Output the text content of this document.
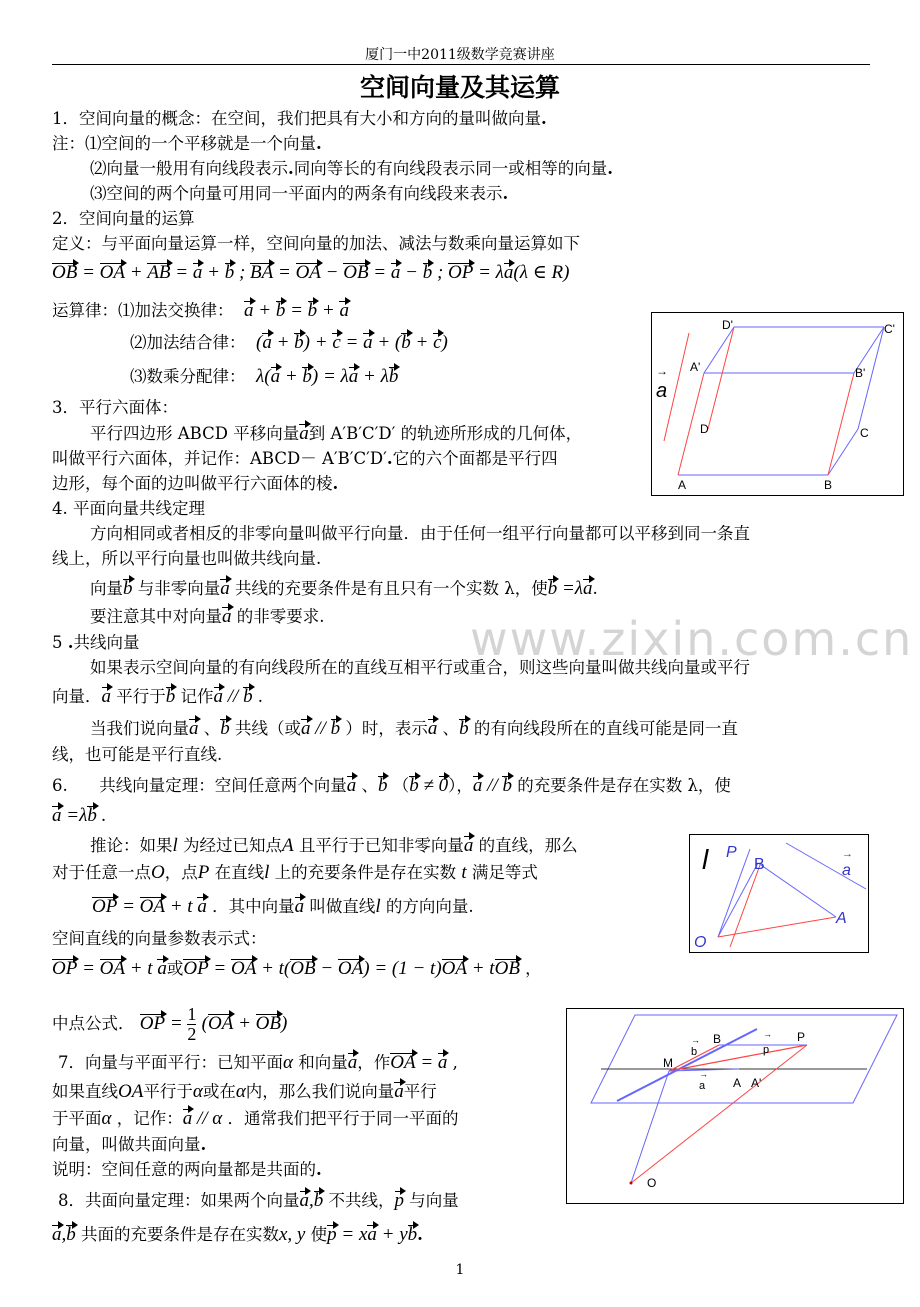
厦门一中2011级数学竞赛讲座
空间向量及其运算
www.zixin.com.cn
1．空间向量的概念：在空间，我们把具有大小和方向的量叫做向量.
注：⑴空间的一个平移就是一个向量.
⑵向量一般用有向线段表示.同向等长的有向线段表示同一或相等的向量.
⑶空间的两个向量可用同一平面内的两条有向线段来表示.
2．空间向量的运算
定义：与平面向量运算一样，空间向量的加法、减法与数乘向量运算如下
OB = OA + AB = a + b ; BA = OA − OB = a − b ; OP = λa(λ ∈ R)
运算律：⑴加法交换律： a + b = b + a
⑵加法结合律： (a + b) + c = a + (b + c)
⑶数乘分配律： λ(a + b) = λa + λb
3．平行六面体：
平行四边形 ABCD 平移向量a到 A′B′C′D′ 的轨迹所形成的几何体，
叫做平行六面体，并记作：ABCD－ A′B′C′D′.它的六个面都是平行四
边形，每个面的边叫做平行六面体的棱.
D'	C'
A'	B'
D	C
A	B
a
→
4. 平面向量共线定理
方向相同或者相反的非零向量叫做平行向量．由于任何一组平行向量都可以平移到同一条直
线上，所以平行向量也叫做共线向量.
向量b 与非零向量a 共线的充要条件是有且只有一个实数 λ，使b =λa.
要注意其中对向量a 的非零要求.
5 .共线向量
如果表示空间向量的有向线段所在的直线互相平行或重合，则这些向量叫做共线向量或平行
向量．a 平行于b 记作a // b .
当我们说向量a 、b 共线（或a // b ）时，表示a 、b 的有向线段所在的直线可能是同一直
线，也可能是平行直线.
6. 共线向量定理：空间任意两个向量a 、b （b ≠ 0），a // b 的充要条件是存在实数 λ，使
a =λb .
推论：如果l 为经过已知点A 且平行于已知非零向量a 的直线，那么
对于任意一点O，点P 在直线l 上的充要条件是存在实数 t 满足等式
OP = OA + t a ．其中向量a 叫做直线l 的方向向量.
空间直线的向量参数表示式：
OP = OA + t a或OP = OA + t(OB − OA) = (1 − t)OA + tOB ，
中点公式． OP = $\frac{1}{2} (OA + OB)$
l P
B	a
→
A
O
7．向量与平面平行：已知平面α 和向量a，作OA = a ,
如果直线OA平行于α或在α内，那么我们说向量a平行
于平面α ，记作：a // α ．通常我们把平行于同一平面的
向量，叫做共面向量.
说明：空间任意的两向量都是共面的.
8．共面向量定理：如果两个向量a,b 不共线，p 与向量
a,b 共面的充要条件是存在实数x, y 使p = xa + yb.
B
b
→
p
→ P
M
a
→
A A'
O
1
